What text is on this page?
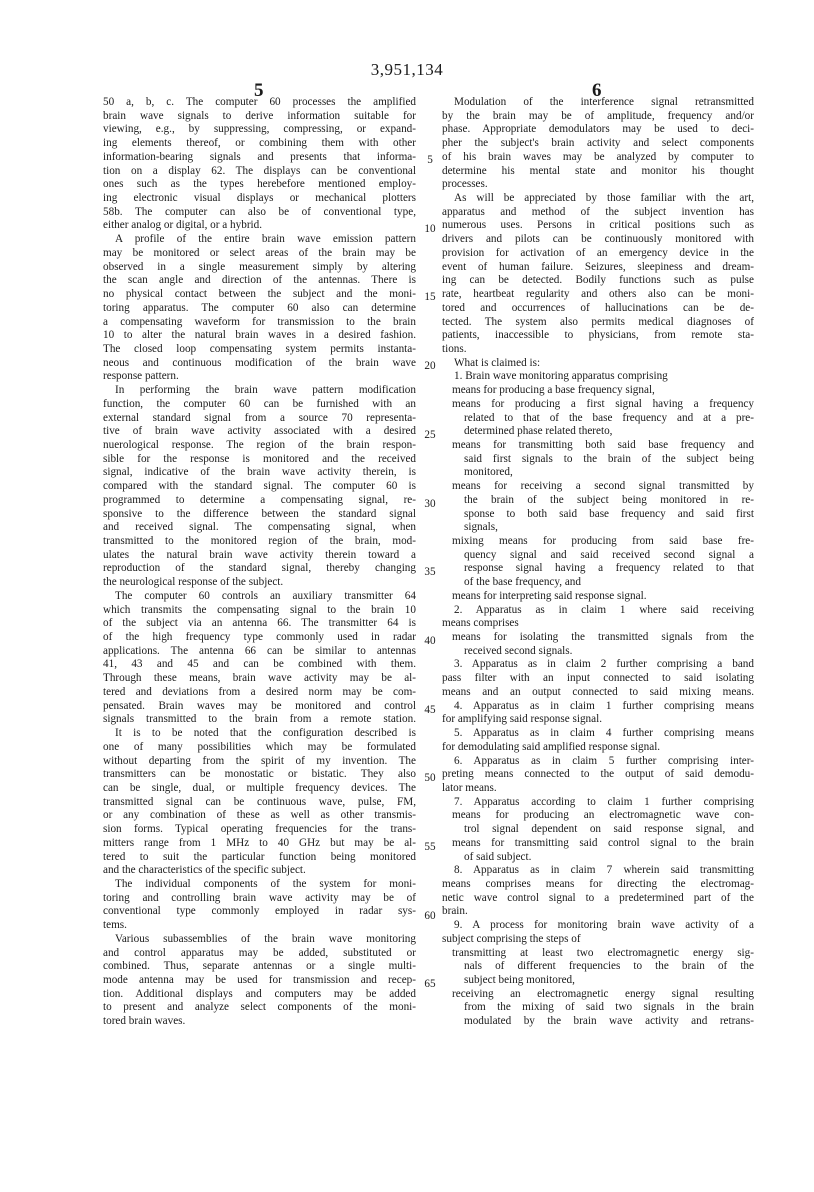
3,951,134
5	6

50 a, b, c. The computer 60 processes the amplified

brain wave signals to derive information suitable for

viewing, e.g., by suppressing, compressing, or expand-

ing elements thereof, or combining them with other

information-bearing signals and presents that informa-

tion on a display 62. The displays can be conventional

ones such as the types herebefore mentioned employ-

ing electronic visual displays or mechanical plotters

58b. The computer can also be of conventional type,

either analog or digital, or a hybrid.

A profile of the entire brain wave emission pattern

may be monitored or select areas of the brain may be

observed in a single measurement simply by altering

the scan angle and direction of the antennas. There is

no physical contact between the subject and the moni-

toring apparatus. The computer 60 also can determine

a compensating waveform for transmission to the brain

10 to alter the natural brain waves in a desired fashion.

The closed loop compensating system permits instanta-

neous and continuous modification of the brain wave

response pattern.

In performing the brain wave pattern modification

function, the computer 60 can be furnished with an

external standard signal from a source 70 representa-

tive of brain wave activity associated with a desired

nuerological response. The region of the brain respon-

sible for the response is monitored and the received

signal, indicative of the brain wave activity therein, is

compared with the standard signal. The computer 60 is

programmed to determine a compensating signal, re-

sponsive to the difference between the standard signal

and received signal. The compensating signal, when

transmitted to the monitored region of the brain, mod-

ulates the natural brain wave activity therein toward a

reproduction of the standard signal, thereby changing

the neurological response of the subject.

The computer 60 controls an auxiliary transmitter 64

which transmits the compensating signal to the brain 10

of the subject via an antenna 66. The transmitter 64 is

of the high frequency type commonly used in radar

applications. The antenna 66 can be similar to antennas

41, 43 and 45 and can be combined with them.

Through these means, brain wave activity may be al-

tered and deviations from a desired norm may be com-

pensated. Brain waves may be monitored and control

signals transmitted to the brain from a remote station.

It is to be noted that the configuration described is

one of many possibilities which may be formulated

without departing from the spirit of my invention. The

transmitters can be monostatic or bistatic. They also

can be single, dual, or multiple frequency devices. The

transmitted signal can be continuous wave, pulse, FM,

or any combination of these as well as other transmis-

sion forms. Typical operating frequencies for the trans-

mitters range from 1 MHz to 40 GHz but may be al-

tered to suit the particular function being monitored

and the characteristics of the specific subject.

The individual components of the system for moni-

toring and controlling brain wave activity may be of

conventional type commonly employed in radar sys-

tems.

Various subassemblies of the brain wave monitoring

and control apparatus may be added, substituted or

combined. Thus, separate antennas or a single multi-

mode antenna may be used for transmission and recep-

tion. Additional displays and computers may be added

to present and analyze select components of the moni-

tored brain waves.

Modulation of the interference signal retransmitted

by the brain may be of amplitude, frequency and/or

phase. Appropriate demodulators may be used to deci-

pher the subject's brain activity and select components

of his brain waves may be analyzed by computer to

determine his mental state and monitor his thought

processes.

As will be appreciated by those familiar with the art,

apparatus and method of the subject invention has

numerous uses. Persons in critical positions such as

drivers and pilots can be continuously monitored with

provision for activation of an emergency device in the

event of human failure. Seizures, sleepiness and dream-

ing can be detected. Bodily functions such as pulse

rate, heartbeat regularity and others also can be moni-

tored and occurrences of hallucinations can be de-

tected. The system also permits medical diagnoses of

patients, inaccessible to physicians, from remote sta-

tions.

What is claimed is:

1. Brain wave monitoring apparatus comprising

means for producing a base frequency signal,

means for producing a first signal having a frequency

related to that of the base frequency and at a pre-

determined phase related thereto,

means for transmitting both said base frequency and

said first signals to the brain of the subject being

monitored,

means for receiving a second signal transmitted by

the brain of the subject being monitored in re-

sponse to both said base frequency and said first

signals,

mixing means for producing from said base fre-

quency signal and said received second signal a

response signal having a frequency related to that

of the base frequency, and

means for interpreting said response signal.

2. Apparatus as in claim 1 where said receiving

means comprises

means for isolating the transmitted signals from the

received second signals.

3. Apparatus as in claim 2 further comprising a band

pass filter with an input connected to said isolating

means and an output connected to said mixing means.

4. Apparatus as in claim 1 further comprising means

for amplifying said response signal.

5. Apparatus as in claim 4 further comprising means

for demodulating said amplified response signal.

6. Apparatus as in claim 5 further comprising inter-

preting means connected to the output of said demodu-

lator means.

7. Apparatus according to claim 1 further comprising

means for producing an electromagnetic wave con-

trol signal dependent on said response signal, and

means for transmitting said control signal to the brain

of said subject.

8. Apparatus as in claim 7 wherein said transmitting

means comprises means for directing the electromag-

netic wave control signal to a predetermined part of the

brain.

9. A process for monitoring brain wave activity of a

subject comprising the steps of

transmitting at least two electromagnetic energy sig-

nals of different frequencies to the brain of the

subject being monitored,

receiving an electromagnetic energy signal resulting

from the mixing of said two signals in the brain

modulated by the brain wave activity and retrans-

5
10
15
20
25
30
35
40
45
50
55
60
65
